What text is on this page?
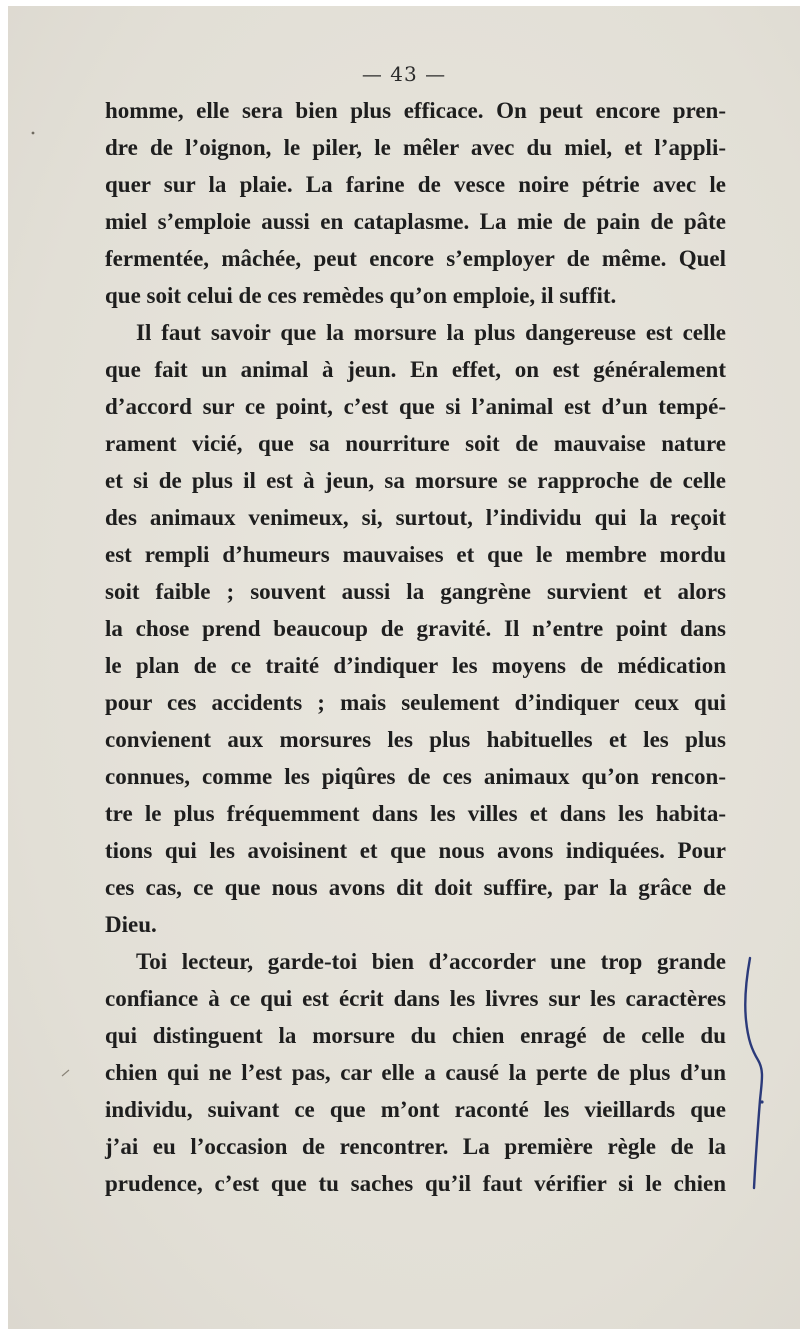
— 43 —
homme, elle sera bien plus efficace. On peut encore pren-
dre de l’oignon, le piler, le mêler avec du miel, et l’appli-
quer sur la plaie. La farine de vesce noire pétrie avec le
miel s’emploie aussi en cataplasme. La mie de pain de pâte
fermentée, mâchée, peut encore s’employer de même. Quel
que soit celui de ces remèdes qu’on emploie, il suffit.
Il faut savoir que la morsure la plus dangereuse est celle
que fait un animal à jeun. En effet, on est généralement
d’accord sur ce point, c’est que si l’animal est d’un tempé-
rament vicié, que sa nourriture soit de mauvaise nature
et si de plus il est à jeun, sa morsure se rapproche de celle
des animaux venimeux, si, surtout, l’individu qui la reçoit
est rempli d’humeurs mauvaises et que le membre mordu
soit faible ; souvent aussi la gangrène survient et alors
la chose prend beaucoup de gravité. Il n’entre point dans
le plan de ce traité d’indiquer les moyens de médication
pour ces accidents ; mais seulement d’indiquer ceux qui
convienent aux morsures les plus habituelles et les plus
connues, comme les piqûres de ces animaux qu’on rencon-
tre le plus fréquemment dans les villes et dans les habita-
tions qui les avoisinent et que nous avons indiquées. Pour
ces cas, ce que nous avons dit doit suffire, par la grâce de
Dieu.
Toi lecteur, garde-toi bien d’accorder une trop grande
confiance à ce qui est écrit dans les livres sur les caractères
qui distinguent la morsure du chien enragé de celle du
chien qui ne l’est pas, car elle a causé la perte de plus d’un
individu, suivant ce que m’ont raconté les vieillards que
j’ai eu l’occasion de rencontrer. La première règle de la
prudence, c’est que tu saches qu’il faut vérifier si le chien
